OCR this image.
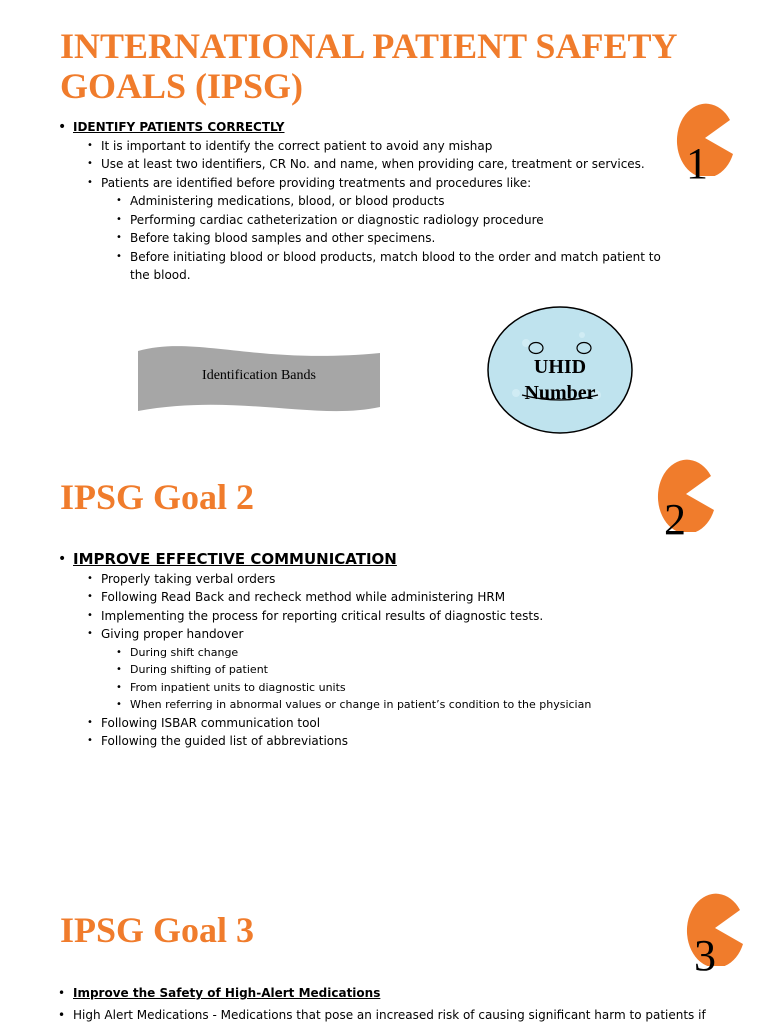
INTERNATIONAL PATIENT SAFETY
GOALS (IPSG)
1
• IDENTIFY PATIENTS CORRECTLY
• It is important to identify the correct patient to avoid any mishap
• Use at least two identifiers, CR No. and name, when providing care, treatment or services.
• Patients are identified before providing treatments and procedures like:
• Administering medications, blood, or blood products
• Performing cardiac catheterization or diagnostic radiology procedure
• Before taking blood samples and other specimens.
• Before initiating blood or blood products, match blood to the order and match patient to the blood.
Identification Bands	UHID
Number
IPSG Goal 2	2
• IMPROVE EFFECTIVE COMMUNICATION
• Properly taking verbal orders
• Following Read Back and recheck method while administering HRM
• Implementing the process for reporting critical results of diagnostic tests.
• Giving proper handover
• During shift change
• During shifting of patient
• From inpatient units to diagnostic units
• When referring in abnormal values or change in patient’s condition to the physician
• Following ISBAR communication tool
• Following the guided list of abbreviations
IPSG Goal 3
3
• Improve the Safety of High-Alert Medications
• High Alert Medications - Medications that pose an increased risk of causing significant harm to patients if
